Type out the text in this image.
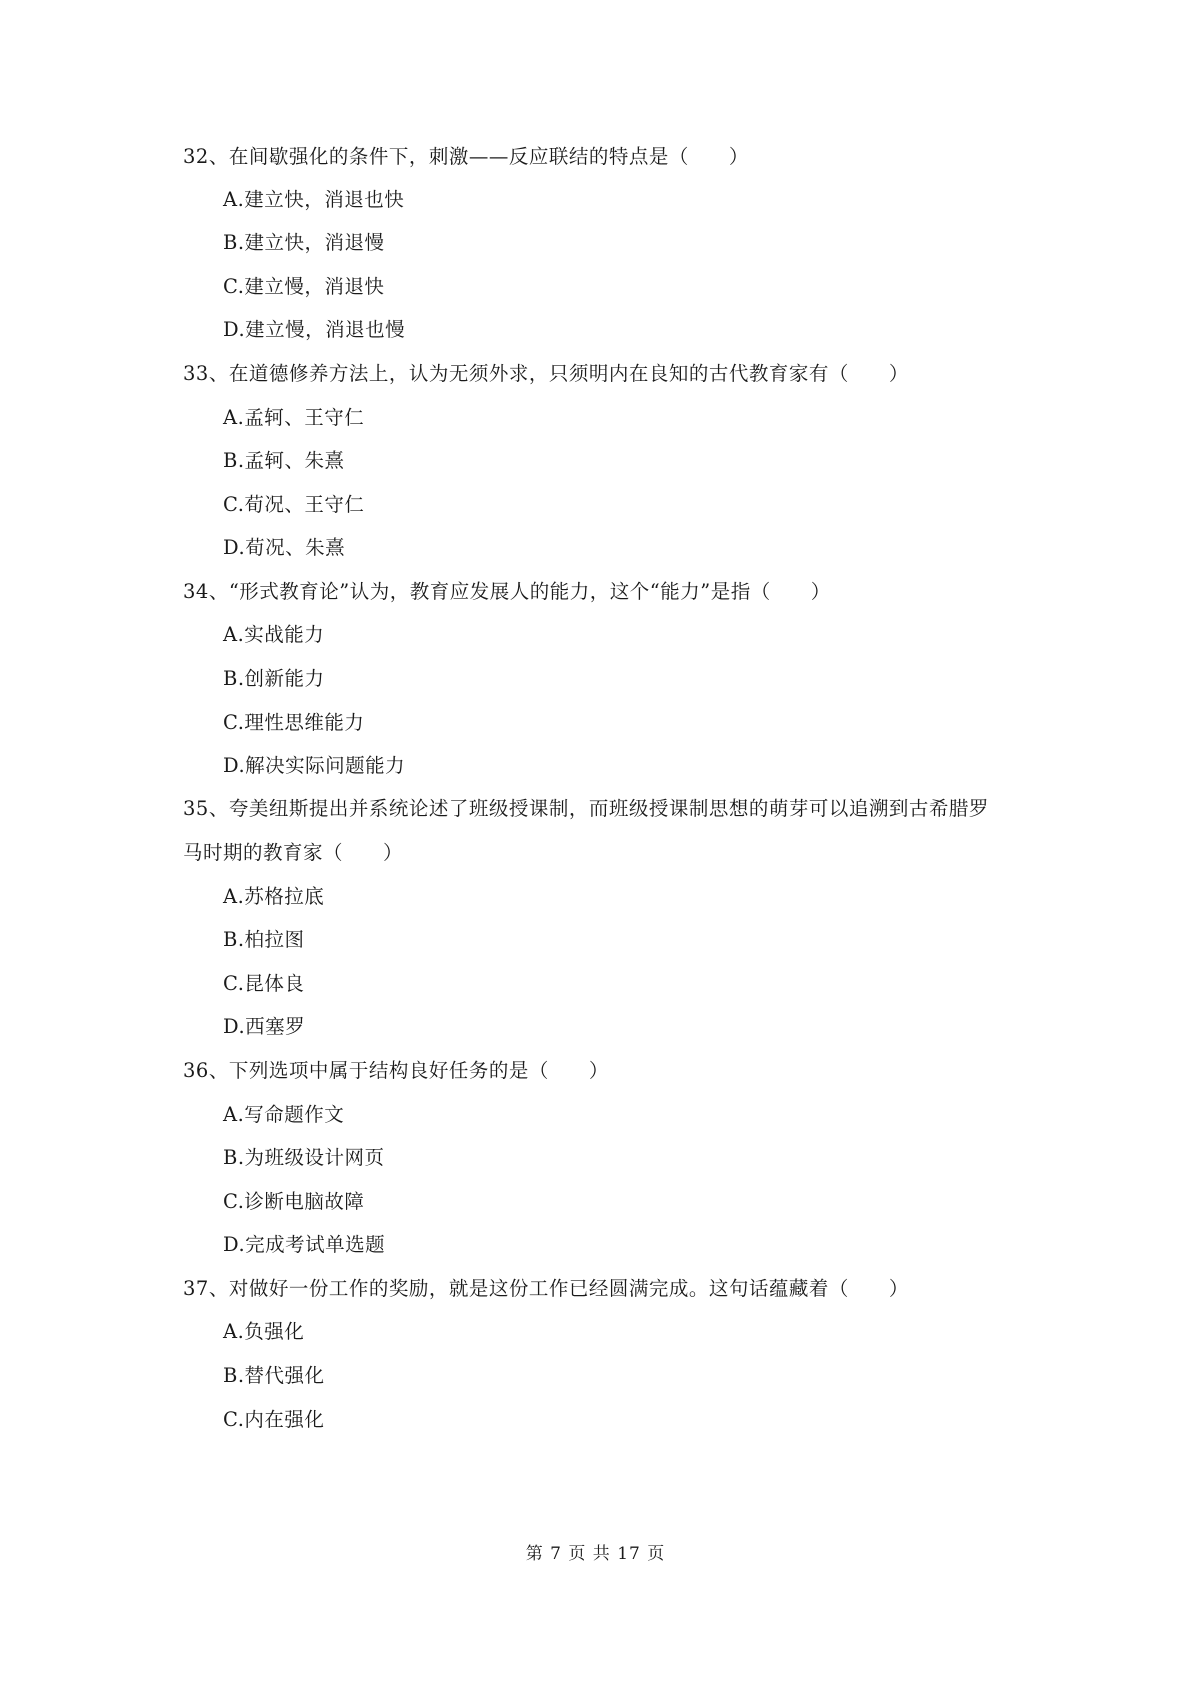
32、在间歇强化的条件下，刺激——反应联结的特点是（　　）
A.建立快，消退也快
B.建立快，消退慢
C.建立慢，消退快
D.建立慢，消退也慢
33、在道德修养方法上，认为无须外求，只须明内在良知的古代教育家有（　　）
A.孟轲、王守仁
B.孟轲、朱熹
C.荀况、王守仁
D.荀况、朱熹
34、“形式教育论”认为，教育应发展人的能力，这个“能力”是指（　　）
A.实战能力
B.创新能力
C.理性思维能力
D.解决实际问题能力
35、夸美纽斯提出并系统论述了班级授课制，而班级授课制思想的萌芽可以追溯到古希腊罗
马时期的教育家（　　）
A.苏格拉底
B.柏拉图
C.昆体良
D.西塞罗
36、下列选项中属于结构良好任务的是（　　）
A.写命题作文
B.为班级设计网页
C.诊断电脑故障
D.完成考试单选题
37、对做好一份工作的奖励，就是这份工作已经圆满完成。这句话蕴藏着（　　）
A.负强化
B.替代强化
C.内在强化
第 7 页 共 17 页
